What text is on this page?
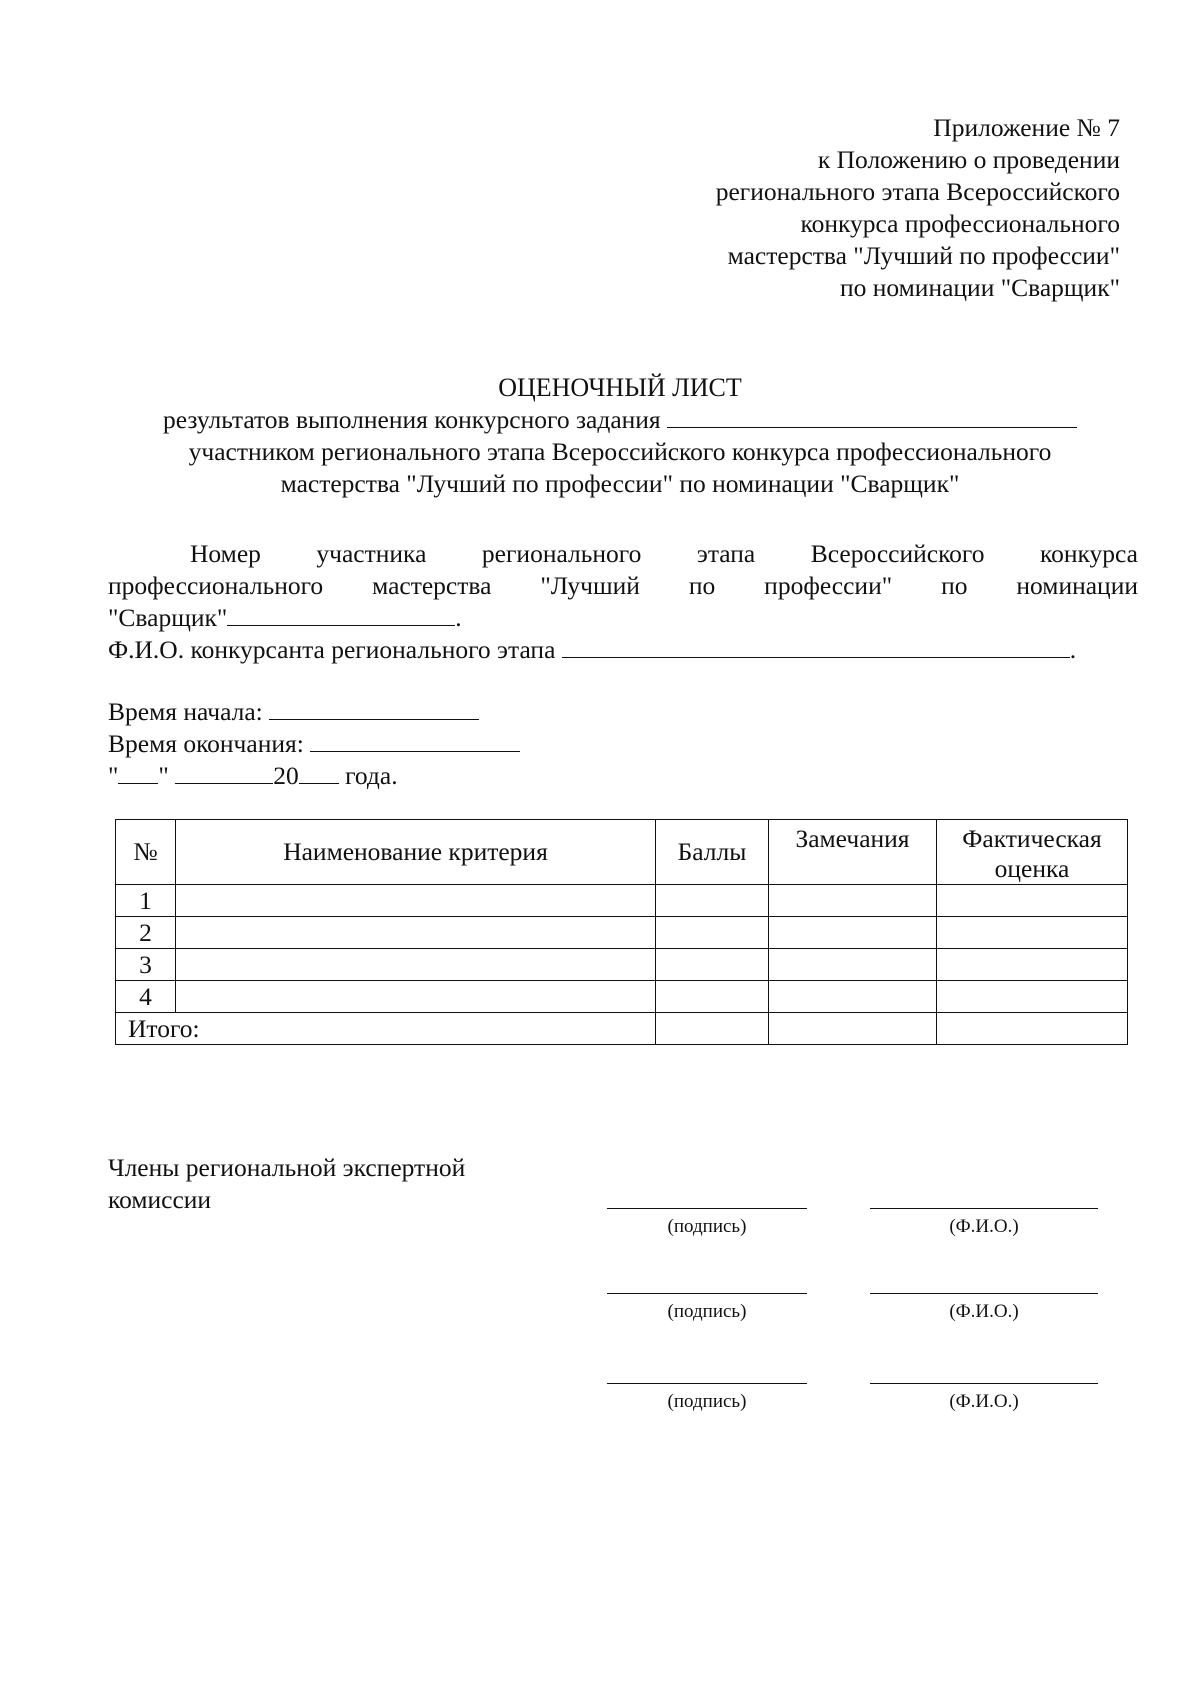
Приложение № 7
к Положению о проведении
регионального этапа Всероссийского
конкурса профессионального
мастерства "Лучший по профессии"
по номинации "Сварщик"
ОЦЕНОЧНЫЙ ЛИСТ
результатов выполнения конкурсного задания
участником регионального этапа Всероссийского конкурса профессионального
мастерства "Лучший по профессии" по номинации "Сварщик"
Номер участника регионального этапа Всероссийского конкурса
профессионального мастерства "Лучший по профессии" по номинации
"Сварщик"	.
Ф.И.О. конкурсанта регионального этапа	.
Время начала:
Время окончания:
" "	20 года.
№	Наименование критерия	Баллы	Замечания	Фактическая
оценка

1				
2				
3				
4				
Итого:				
Члены региональной экспертной
комиссии
(подпись)	(Ф.И.О.)
(подпись)	(Ф.И.О.)
(подпись)	(Ф.И.О.)
